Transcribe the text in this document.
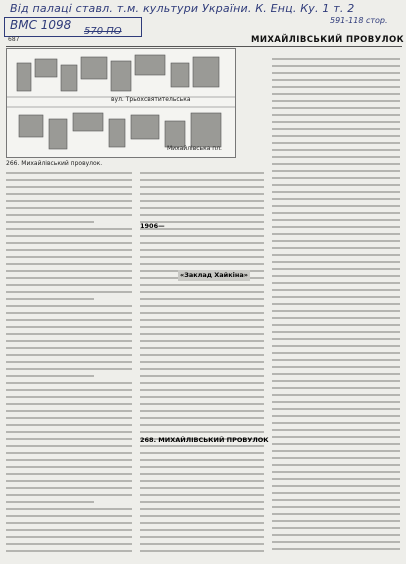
Від палаці ставл. т.м. культури України. К. Енц. Ку. 1 т. 2
ВМС 1098 570 ПО
591-118 стор.
687	МИХАЙЛІВСЬКИЙ ПРОВУЛОК
вул. Трьохсвятительська
Михайлівська пл.
266. Михайлівський провулок.
1906—
«Заклад Хайкіна»
268. МИХАЙЛІВСЬКИЙ ПРОВУЛОК
